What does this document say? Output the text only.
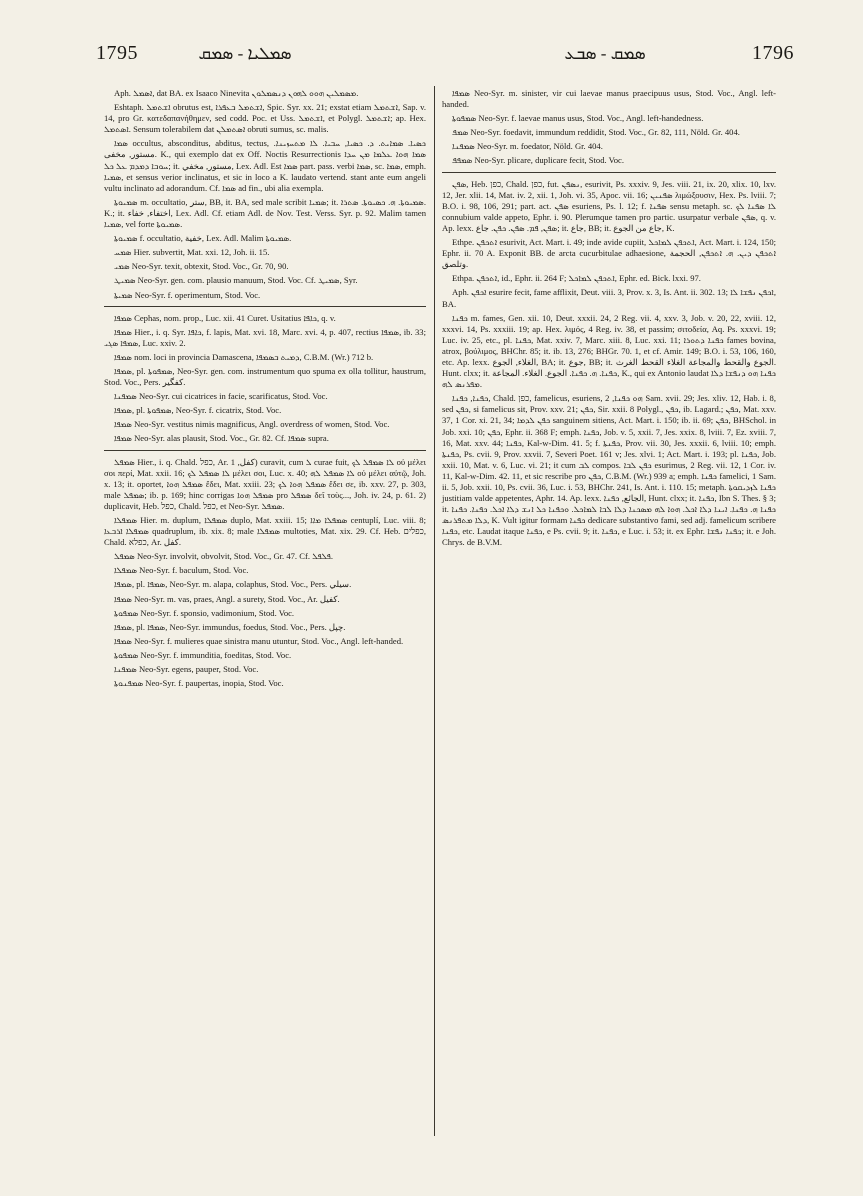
1795	ܣܡܠܝܐ - ܣܡܩ	ܣܡܩ - ܣܒܥ	1796

Aph. ܐܣܡܠ, dat BA. ex Isaaco Ninevita ܡܣܡܠܝܢ ܗܘܘ ܠܗܘܢ ܕܢܣܡܠܘܢ.

Eshtaph. ܐܫܬܡܠ obrutus est, ܐܫܬܡܠ ܒܥܦܪܐ, Spic. Syr. xx. 21; exstat etiam ܐܫܬܡܠ, Sap. v. 14, pro Gr. κατεδαπανήθημεν, sed codd. Poc. et Uss. ܐܫܬܡܠ, et Polygl. ܐܫܬܡܠ; ap. Hex. ܐܣܬܡܠ. Sensum tolerabilem dat ܐܣܬܡܠܢ obruti sumus, sc. malis.

ܣܡܐ occultus, absconditus, abditus, tectus, ܟܣܝܐ. ܣܡܐܝܬ. ܕ. ܟܣܝܐ, ܚܒܝܐ. ܠܐ ܡܬܚܙܝܢܐ. مستور, مخفى. K., qui exemplo dat ex Off. Noctis Resurrectionis ܣܡܐ ܗܘܐ ܥܠܡܐ ܡܢ ܚܕܐ ܚܘܒܐ ܕܡܕܡ ܥܠ ܟܠ; it. مستور, مخفي, Lex. Adl. Est ܣܡܐ part. pass. verbi ܣܡܐ, sc. ܣܡܐ, emph. ܣܡܝܐ, et sensus verior inclinatus, et sic in loco a K. laudato vertend. stant ante eum angeli vultu inclinato ad adorandum. Cf. ܣܡܐ ad fin., ubi alia exempla.

ܣܡܝܘܬܐ m. occultatio, ستر, BB, it. BA, sed male scribit ܣܡܝܐ; it. ܣܡܝܘܬܐ. ܗ. ܟܣܝܘܬܐ. ܣܬܪܐ. K.; it. اختفاء, خفاء, Lex. Adl. Cf. etiam Adl. de Nov. Test. Verss. Syr. p. 92. Malim tamen ܣܡܝܐ, vel forte ܣܡܝܘܬܐ.

ܣܡܝܘܬܐ f. occultatio, خفية, Lex. Adl. Malim ܣܡܝܘܬܐ.

ܣܡܚ Hier. subvertit, Mat. xxi. 12, Joh. ii. 15.

ܣܡܝ Neo-Syr. texit, obtexit, Stod. Voc., Gr. 70, 90.

ܣܡܝܛ Neo-Syr. gen. com. plausio manuum, Stod. Voc. Cf. ܣܡܝܛ, Syr.

ܣܡܝܬܐ Neo-Syr. f. operimentum, Stod. Voc.

ܣܡܦܐ Cephas, nom. prop., Luc. xii. 41 Curet. Usitatius ܟܐܦܐ, q. v.

ܣܡܦܐ Hier., i. q. Syr. ܟܐܦܐ, f. lapis, Mat. xvi. 18, Marc. xvi. 4, p. 407, rectius ܣܡܦܐ, ib. 33; ܣܡܦܐ ܣܓܝ, Luc. xxiv. 2.

ܣܡܦܐ nom. loci in provincia Damascena, ܕܡܝܬ ܒܣܡܦܐ, C.B.M. (Wr.) 712 b.

ܣܡܦܐ, pl. ܣܡܦܘܬܐ, Neo-Syr. gen. com. instrumentum quo spuma ex olla tollitur, haustrum, Stod. Voc., Pers. كفگير.

ܣܡܦܢܐ Neo-Syr. cui cicatrices in facie, scarificatus, Stod. Voc.

ܣܡܦܐ, pl. ܣܡܦܘܬܐ, Neo-Syr. f. cicatrix, Stod. Voc.

ܣܡܦܐ Neo-Syr. vestitus nimis magnificus, Angl. overdress of women, Stod. Voc.

ܣܡܦܐ Neo-Syr. alas plausit, Stod. Voc., Gr. 82. Cf. ܣܡܦܐ supra.

ܣܡܦܠ Hier., i. q. Chald. כפל, Ar. كفل, 1) curavit, cum ܠ curae fuit, ܠܐ ܣܡܦܠ ܠܟ οὐ μέλει σοι περί, Mat. xxii. 16; ܠܐ ܣܡܦܠ ܠܟ μέλει σοι, Luc. x. 40; ܠܐ ܣܡܦܠ ܠܗ οὐ μέλει αὐτῷ, Joh. x. 13; it. oportet, ܣܡܦܠ ܗܘܐ ἔδει, Mat. xxiii. 23; ܣܡܦܠ ܗܘܐ ܠܟ ἔδει σε, ib. xxv. 27, p. 303, male ܣܡܦܠ; ib. p. 169; hinc corrigas ܣܡܦܠ ܗܘܐ pro ܣܡܦܠ δεῖ τοὺς..., Joh. iv. 24, p. 61. 2) duplicavit, Heb. כפל, Chald. כפל, et Neo-Syr. ܣܡܦܠ.

ܣܡܦܠܐ Hier. m. duplum, ܣܡܦܠܐ duplo, Mat. xxiii. 15; ܣܡܦܠܐ ܡܐܐ centuplí, Luc. viii. 8; ܣܡܦܠܐ ܐܪܒܥܐ quadruplum, ib. xix. 8; male ܣܡܦܠܐ multoties, Mat. xix. 29. Cf. Heb. כפלים, Chald. כפלא, Ar. كفل.

ܣܡܦܠ Neo-Syr. involvit, obvolvit, Stod. Voc., Gr. 47. Cf. ܦܠܦܠ.

ܣܡܦܠܐ Neo-Syr. f. baculum, Stod. Voc.

ܣܡܦܐ, pl. ܣܡܦܐ, Neo-Syr. m. alapa, colaphus, Stod. Voc., Pers. سيلي.

ܣܡܦܐ Neo-Syr. m. vas, praes, Angl. a surety, Stod. Voc., Ar. كفيل.

ܣܡܦܘܬܐ Neo-Syr. f. sponsio, vadimonium, Stod. Voc.

ܣܡܦܐ, pl. ܣܡܦܐ, Neo-Syr. immundus, foedus, Stod. Voc., Pers. چپل.

ܣܡܦܐ Neo-Syr. f. mulieres quae sinistra manu utuntur, Stod. Voc., Angl. left-handed.

ܣܡܦܘܬܐ Neo-Syr. f. immunditia, foeditas, Stod. Voc.

ܣܡܦܢܐ Neo-Syr. egens, pauper, Stod. Voc.

ܣܡܦܢܘܬܐ Neo-Syr. f. paupertas, inopia, Stod. Voc.

ܣܡܦܐ Neo-Syr. m. sinister, vir cui laevae manus praecipuus usus, Stod. Voc., Angl. left-handed.

ܣܡܦܘܬܐ Neo-Syr. f. laevae manus usus, Stod. Voc., Angl. left-handedness.

ܣܡܦ Neo-Syr. foedavit, immundum reddidit, Stod. Voc., Gr. 82, 111, Nöld. Gr. 404.

ܣܡܦܢܐ Neo-Syr. m. foedator, Nöld. Gr. 404.

ܣܡܦܦ Neo-Syr. plicare, duplicare fecit, Stod. Voc.

ܣܦܢ, Heb. כפן, Chald. כפן, fut. ܢܣܦܢ, esurivit, Ps. xxxiv. 9, Jes. viii. 21, ix. 20, xlix. 10, lxv. 12, Jer. xlii. 14, Mat. iv. 2, xii. 1, Joh. vi. 35, Apoc. vii. 16; ܣܦܢܝܢ λιμώξουσιν, Hex. Ps. lviii. 7; B.O. i. 98, 106, 291; part. act. ܣܦܢ esuriens, Ps. l. 12; f. ܣܦܢܐ sensu metaph. sc. ܠܐ ܣܦܢܐ ܠܟ connubium valde appeto, Ephr. i. 90. Plerumque tamen pro partic. usurpatur verbale ܣܦܢ, q. v. Ap. lexx. ܣܦܢ, ܦܡ. ܣܦܢ. ܟܦܢ. جاع; it. جاع, BB; it. جاع من الجوع, K.

Ethpe. ܐܬܟܦܢ esurivit, Act. Mart. i. 49; inde avide cupiit, ܐܬܟܦܢ ܠܡܐܟܠ, Act. Mart. i. 124, 150; Ephr. ii. 70 A. Exponit BB. de arcta cucurbitulae adhaesione, ܐܬܟܦܢ ܕܝܢ. ܗ. ܐܬܟܦܢ, الحجمة وتلصق.

Ethpa. ܐܬܟܦܢ, id., Ephr. ii. 264 F; ܐܬܟܦܢ ܠܡܐܟܠ, Ephr. ed. Bick. lxxi. 97.

Aph. ܐܟܦܢ esurire fecit, fame afflixit, Deut. viii. 3, Prov. x. 3, Is. Ant. ii. 302. 13; ܐܟܦܢ ܢܦܫܐ ܠܐ, BA.

ܟܦܢܐ m. fames, Gen. xii. 10, Deut. xxxii. 24, 2 Reg. vii. 4, xxv. 3, Job. v. 20, 22, xviii. 12, xxxvi. 14, Ps. xxxiii. 19; ap. Hex. λιμός, 4 Reg. iv. 38, et passim; σιτοδεία, Aq. Ps. xxxvi. 19; Luc. iv. 25, etc., pl. ܟܦܢܐ, Mat. xxiv. 7, Marc. xiii. 8, Luc. xxi. 11; ܟܦܢܐ ܕܬܘܪܐ fames bovina, atrox, βούλιμος, BHChr. 85; it. ib. 13, 276; BHGr. 70. 1, et cf. Amir. 149; B.O. i. 53, 106, 160, etc. Ap. lexx. الغلاء, الجوع, BA; it. جوع, BB; it. الجوع والقحط والمجاعة الغلاء القحط الغرث. Hunt. clxx; it. ܟܦܢܐ. ܗ. ܟܦܢܐ. الجوع. الغلاء. المجاعة, K., qui ex Antonio laudat ܟܦܢܐ ܗܘ ܕܢܦܫܐ ܕܠܐ ܡܦܪܢܣ ܠܗ.

ܟܦܢܐ, ܟܦܢܐ, Chald. כפן, famelicus, esuriens, ܗܘ ܟܦܢܐ, 2 Sam. xvii. 29; Jes. xliv. 12, Hab. i. 8, sed ܟܦܢ, si famelicus sit, Prov. xxv. 21; ܟܦܢ, Sir. xxii. 8 Polygl., ܟܦܢ, ib. Lagard.; ܟܦܢ, Mat. xxv. 37, 1 Cor. xi. 21, 34; ܟܦܢ ܠܕܡܐ sanguinem sitiens, Act. Mart. i. 150; ib. ii. 69; ܟܦܢ, BHSchol. in Job. xxi. 10; ܟܦܢ, Ephr. ii. 368 F; emph. ܟܦܢܐ, Job. v. 5, xxii. 7, Jes. xxix. 8, lviii. 7, Ez. xviii. 7, 16, Mat. xxv. 44; ܟܦܢܐ, Kal-w-Dim. 41. 5; f. ܟܦܢܬܐ, Prov. vii. 30, Jes. xxxii. 6, lviii. 10; emph. ܟܦܢܬܐ, Ps. cvii. 9, Prov. xxvii. 7, Severi Poet. 161 v; Jes. xlvi. 1; Act. Mart. i. 193; pl. ܟܦܢܐ, Job. xxii. 10, Mat. v. 6, Luc. vi. 21; it cum ܠܒ compos. ܟܦܢ ܠܒܐ esurimus, 2 Reg. vii. 12, 1 Cor. iv. 11, Kal-w-Dim. 42. 11, et sic rescribe pro ܟܦܢ, C.B.M. (Wr.) 939 a; emph. ܟܦܢܐ famelici, 1 Sam. ii. 5, Job. xxii. 10, Ps. cvii. 36, Luc. i. 53, BHChr. 241, Is. Ant. i. 110. 15; metaph. ܟܦܢܐ ܠܙܕܝܩܘܬܐ justitiam valde appetentes, Aphr. 14. Ap. lexx. الجائع, ܟܦܢܐ, Hunt. clxx; it. ܟܦܢܐ, Ibn S. Thes. § 3; it. ܟܦܢܐ ܗ. ܟܦܢܐ. ܐܝܢܐ ܕܠܐ ܐܟܠ. ܗܘܐ ܠܗ ܡܣܟܢܐ ܕܠܐ ܠܒܐ ܠܡܐܟܠ. ܘܟܦܢܐ ܟܠ ܐܢܫ ܕܠܐ ܐܟܠ. ܟܦܢܐ. ܟܦܢܐ ܕܠܐ ܡܬܦܪܢܣ, K. Vult igitur formam ܟܦܢܐ dedicare substantivo fami, sed adj. famelicum scribere ܟܦܢܐ, etc. Laudat itaque ܟܦܢܐ, e Ps. cvii. 9; it. ܟܦܢܐ, e Luc. i. 53; it. ex Ephr. ܟܦܢܐ ܢܦܫܐ; it. e Joh. Chrys. de B.V.M.
